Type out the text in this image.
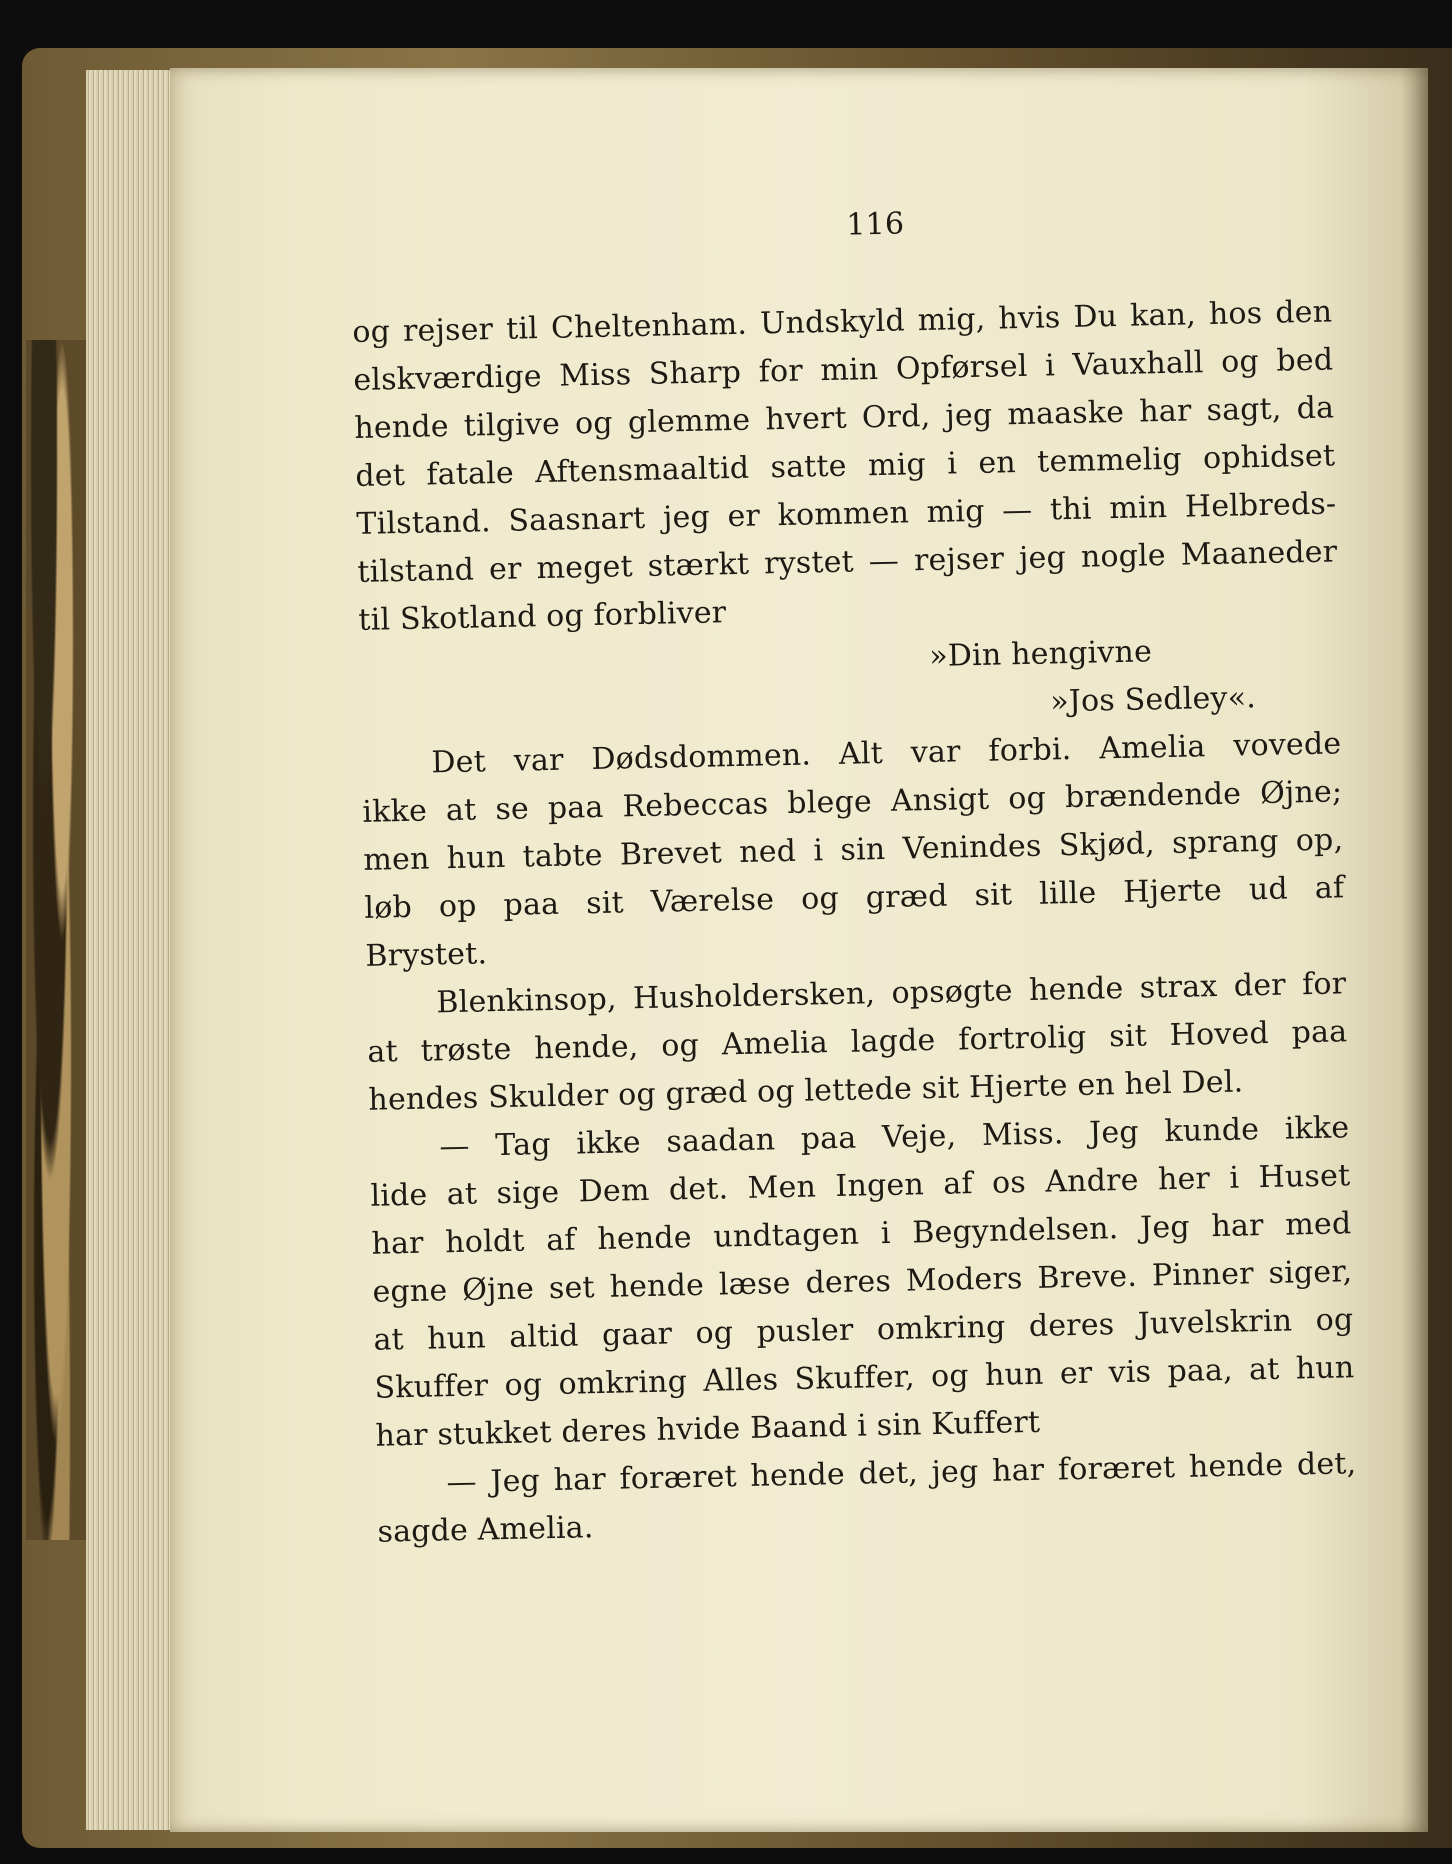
116
og rejser til Cheltenham. Undskyld mig, hvis Du kan, hos den
elskværdige Miss Sharp for min Opførsel i Vauxhall og bed
hende tilgive og glemme hvert Ord, jeg maaske har sagt, da
det fatale Aftensmaaltid satte mig i en temmelig ophidset
Tilstand. Saasnart jeg er kommen mig — thi min Helbreds-
tilstand er meget stærkt rystet — rejser jeg nogle Maaneder
til Skotland og forbliver
»Din hengivne
»Jos Sedley«.
Det var Dødsdommen. Alt var forbi. Amelia vovede
ikke at se paa Rebeccas blege Ansigt og brændende Øjne;
men hun tabte Brevet ned i sin Venindes Skjød, sprang op,
løb op paa sit Værelse og græd sit lille Hjerte ud af
Brystet.
Blenkinsop, Husholdersken, opsøgte hende strax der for
at trøste hende, og Amelia lagde fortrolig sit Hoved paa
hendes Skulder og græd og lettede sit Hjerte en hel Del.
— Tag ikke saadan paa Veje, Miss. Jeg kunde ikke
lide at sige Dem det. Men Ingen af os Andre her i Huset
har holdt af hende undtagen i Begyndelsen. Jeg har med
egne Øjne set hende læse deres Moders Breve. Pinner siger,
at hun altid gaar og pusler omkring deres Juvelskrin og
Skuffer og omkring Alles Skuffer, og hun er vis paa, at hun
har stukket deres hvide Baand i sin Kuffert
— Jeg har foræret hende det, jeg har foræret hende det,
sagde Amelia.
